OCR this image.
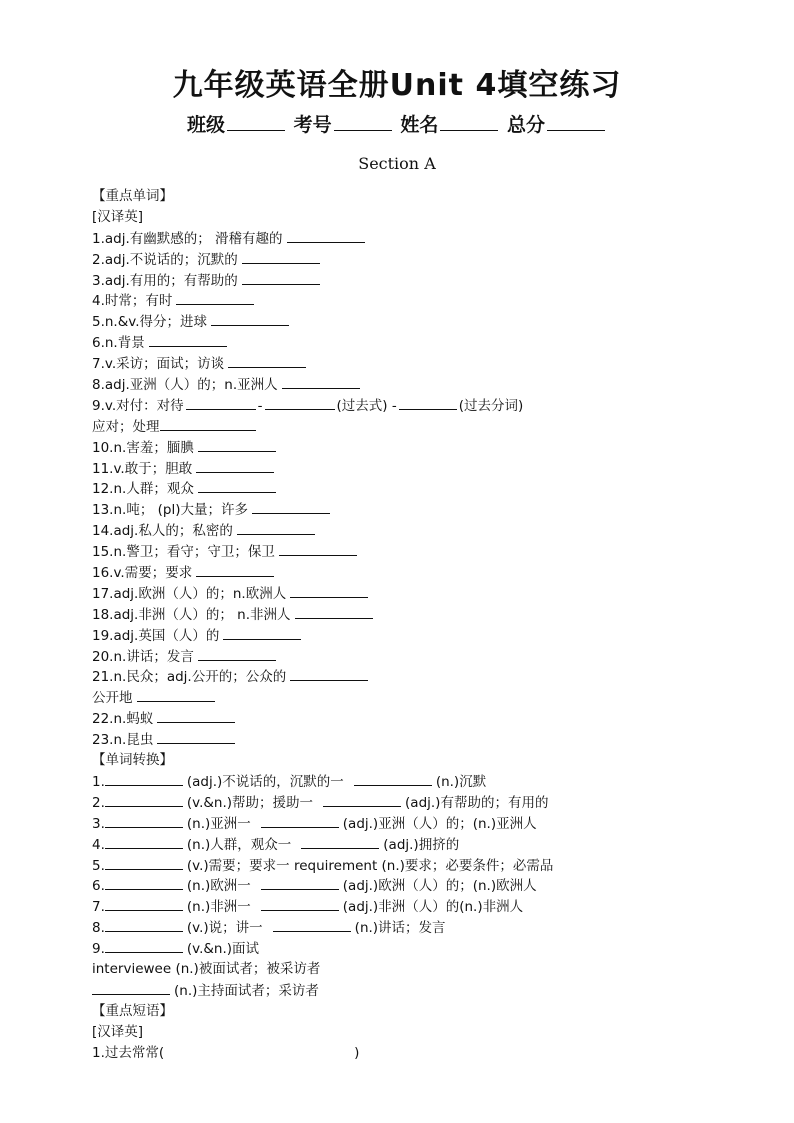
九年级英语全册Unit 4填空练习
班级	考号	姓名	总分
Section A
【重点单词】
[汉译英]
1.adj.有幽默感的； 滑稽有趣的
2.adj.不说话的；沉默的
3.adj.有用的；有帮助的
4.时常；有时
5.n.&v.得分；进球
6.n.背景
7.v.采访；面试；访谈
8.adj.亚洲（人）的；n.亚洲人
9.v.对付：对待	-	(过去式) -	(过去分词)
应对；处理
10.n.害羞；腼腆
11.v.敢于；胆敢
12.n.人群；观众
13.n.吨； (pl)大量；许多
14.adj.私人的；私密的
15.n.警卫；看守；守卫；保卫
16.v.需要；要求
17.adj.欧洲（人）的；n.欧洲人
18.adj.非洲（人）的； n.非洲人
19.adj.英国（人）的
20.n.讲话；发言
21.n.民众；adj.公开的；公众的
公开地
22.n.蚂蚁
23.n.昆虫
【单词转换】
1.	(adj.)不说话的，沉默的一	(n.)沉默
2.	(v.&n.)帮助；援助一	(adj.)有帮助的；有用的
3.	(n.)亚洲一	(adj.)亚洲（人）的；(n.)亚洲人
4.	(n.)人群，观众一	(adj.)拥挤的
5.	(v.)需要；要求一 requirement (n.)要求；必要条件；必需品
6.	(n.)欧洲一	(adj.)欧洲（人）的；(n.)欧洲人
7.	(n.)非洲一	(adj.)非洲（人）的(n.)非洲人
8.	(v.)说；讲一	(n.)讲话；发言
9.	(v.&n.)面试
interviewee (n.)被面试者；被采访者
(n.)主持面试者；采访者
【重点短语】
[汉译英]
1.过去常常(	)
